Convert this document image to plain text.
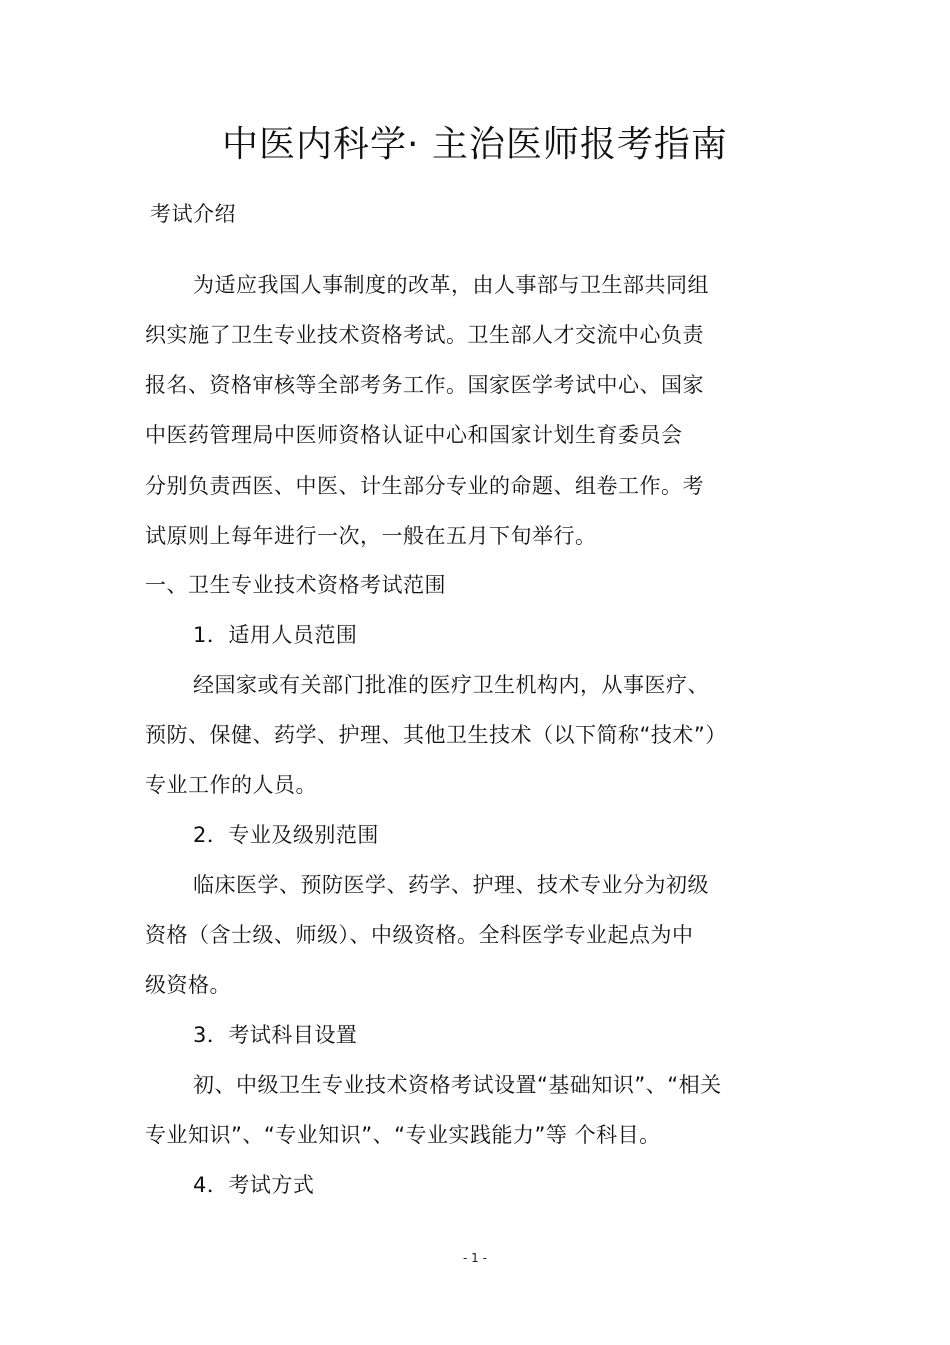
中医内科学· 主治医师报考指南
考试介绍
为适应我国人事制度的改革，由人事部与卫生部共同组
织实施了卫生专业技术资格考试。卫生部人才交流中心负责
报名、资格审核等全部考务工作。国家医学考试中心、国家
中医药管理局中医师资格认证中心和国家计划生育委员会
分别负责西医、中医、计生部分专业的命题、组卷工作。考
试原则上每年进行一次，一般在五月下旬举行。
一、卫生专业技术资格考试范围
1．适用人员范围
经国家或有关部门批准的医疗卫生机构内，从事医疗、
预防、保健、药学、护理、其他卫生技术（以下简称“技术”）
专业工作的人员。
2．专业及级别范围
临床医学、预防医学、药学、护理、技术专业分为初级
资格（含士级、师级）、中级资格。全科医学专业起点为中
级资格。
3．考试科目设置
初、中级卫生专业技术资格考试设置“基础知识”、“相关
专业知识”、“专业知识”、“专业实践能力”等 个科目。
4．考试方式
- 1 -
